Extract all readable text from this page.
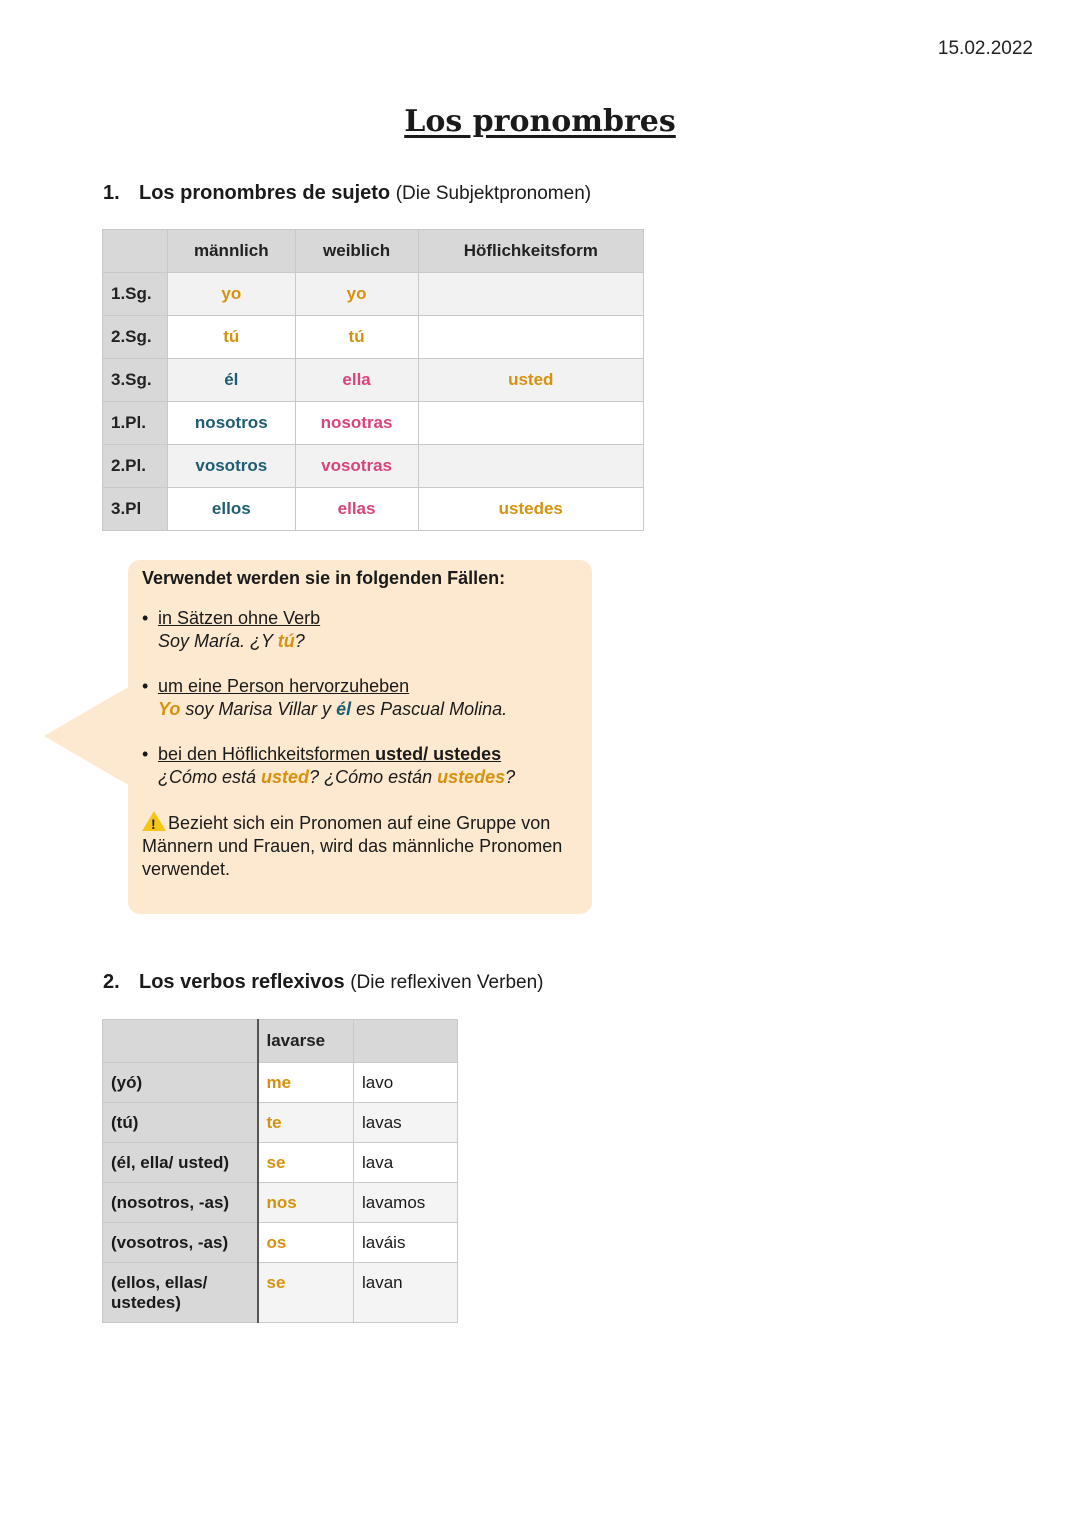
15.02.2022
Los pronombres
1. Los pronombres de sujeto (Die Subjektpronomen)
	männlich	weiblich	Höflichkeitsform
1.Sg.	yo	yo	
2.Sg.	tú	tú	
3.Sg.	él	ella	usted
1.Pl.	nosotros	nosotras	
2.Pl.	vosotros	vosotras	
3.Pl	ellos	ellas	ustedes
Verwendet werden sie in folgenden Fällen:
• in Sätzen ohne Verb
Soy María. ¿Y tú?
• um eine Person hervorzuheben
Yo soy Marisa Villar y él es Pascual Molina.
• bei den Höflichkeitsformen usted/ ustedes
¿Cómo está usted? ¿Cómo están ustedes?
! Bezieht sich ein Pronomen auf eine Gruppe von Männern und Frauen, wird das männliche Pronomen verwendet.
2. Los verbos reflexivos (Die reflexiven Verben)
	lavarse	
(yó)	me	lavo
(tú)	te	lavas
(él, ella/ usted)	se	lava
(nosotros, -as)	nos	lavamos
(vosotros, -as)	os	laváis
(ellos, ellas/ ustedes)	se	lavan
